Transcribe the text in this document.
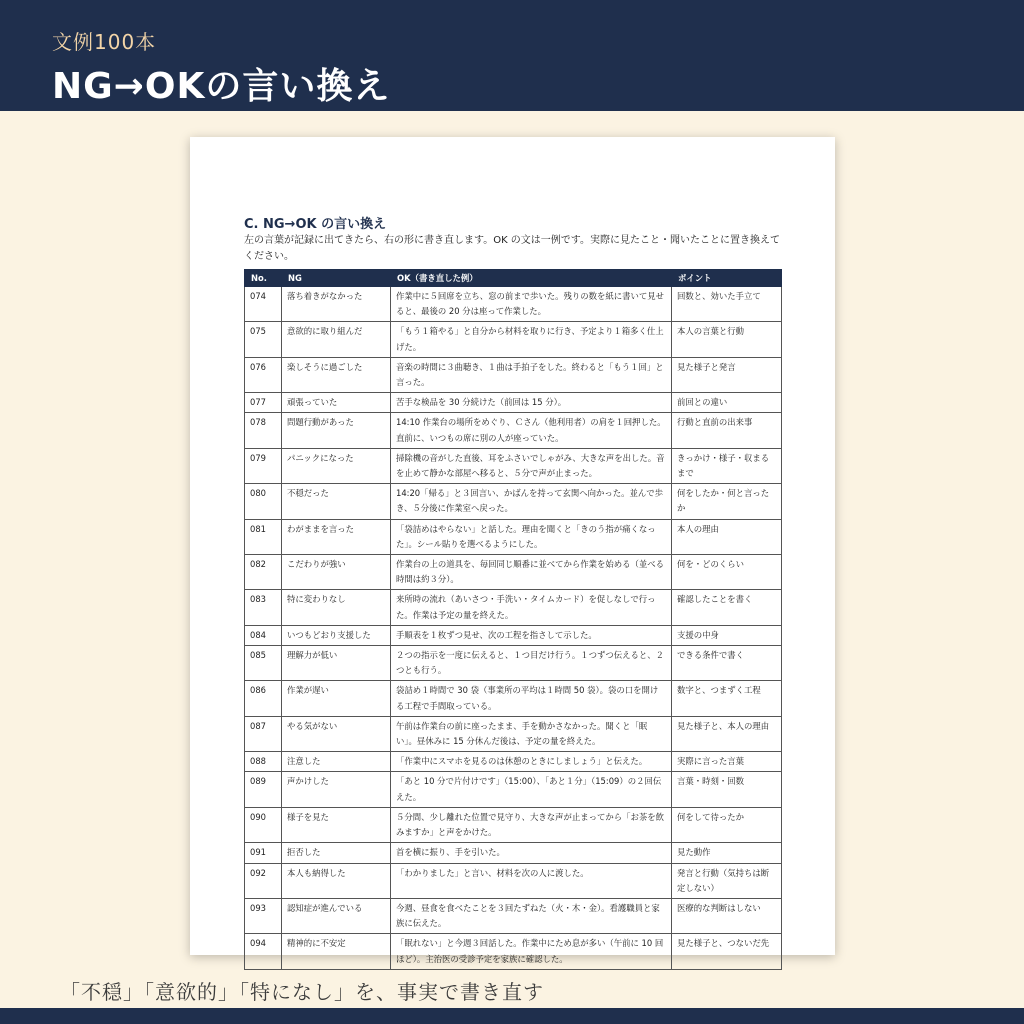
文例100本
NG→OKの言い換え
C. NG→OK の言い換え
左の言葉が記録に出てきたら、右の形に書き直します。OK の文は一例です。実際に見たこと・聞いたことに置き換えてください。
No.	NG	OK（書き直した例）	ポイント
074	落ち着きがなかった	作業中に５回席を立ち、窓の前まで歩いた。残りの数を紙に書いて見せると、最後の 20 分は座って作業した。	回数と、効いた手立て
075	意欲的に取り組んだ	「もう１箱やる」と自分から材料を取りに行き、予定より１箱多く仕上げた。	本人の言葉と行動
076	楽しそうに過ごした	音楽の時間に３曲聴き、１曲は手拍子をした。終わると「もう１回」と言った。	見た様子と発言
077	頑張っていた	苦手な検品を 30 分続けた（前回は 15 分）。	前回との違い
078	問題行動があった	14:10 作業台の場所をめぐり、Ｃさん（他利用者）の肩を１回押した。直前に、いつもの席に別の人が座っていた。	行動と直前の出来事
079	パニックになった	掃除機の音がした直後、耳をふさいでしゃがみ、大きな声を出した。音を止めて静かな部屋へ移ると、５分で声が止まった。	きっかけ・様子・収まるまで
080	不穏だった	14:20「帰る」と３回言い、かばんを持って玄関へ向かった。並んで歩き、５分後に作業室へ戻った。	何をしたか・何と言ったか
081	わがままを言った	「袋詰めはやらない」と話した。理由を聞くと「きのう指が痛くなった」。シール貼りを選べるようにした。	本人の理由
082	こだわりが強い	作業台の上の道具を、毎回同じ順番に並べてから作業を始める（並べる時間は約３分）。	何を・どのくらい
083	特に変わりなし	来所時の流れ（あいさつ・手洗い・タイムカード）を促しなしで行った。作業は予定の量を終えた。	確認したことを書く
084	いつもどおり支援した	手順表を１枚ずつ見せ、次の工程を指さして示した。	支援の中身
085	理解力が低い	２つの指示を一度に伝えると、１つ目だけ行う。１つずつ伝えると、２つとも行う。	できる条件で書く
086	作業が遅い	袋詰め１時間で 30 袋（事業所の平均は１時間 50 袋）。袋の口を開ける工程で手間取っている。	数字と、つまずく工程
087	やる気がない	午前は作業台の前に座ったまま、手を動かさなかった。聞くと「眠い」。昼休みに 15 分休んだ後は、予定の量を終えた。	見た様子と、本人の理由
088	注意した	「作業中にスマホを見るのは休憩のときにしましょう」と伝えた。	実際に言った言葉
089	声かけした	「あと 10 分で片付けです」（15:00）、「あと１分」（15:09）の２回伝えた。	言葉・時刻・回数
090	様子を見た	５分間、少し離れた位置で見守り、大きな声が止まってから「お茶を飲みますか」と声をかけた。	何をして待ったか
091	拒否した	首を横に振り、手を引いた。	見た動作
092	本人も納得した	「わかりました」と言い、材料を次の人に渡した。	発言と行動（気持ちは断定しない）
093	認知症が進んでいる	今週、昼食を食べたことを３回たずねた（火・木・金）。看護職員と家族に伝えた。	医療的な判断はしない
094	精神的に不安定	「眠れない」と今週３回話した。作業中にため息が多い（午前に 10 回ほど）。主治医の受診予定を家族に確認した。	見た様子と、つないだ先
「不穏」「意欲的」「特になし」を、事実で書き直す
